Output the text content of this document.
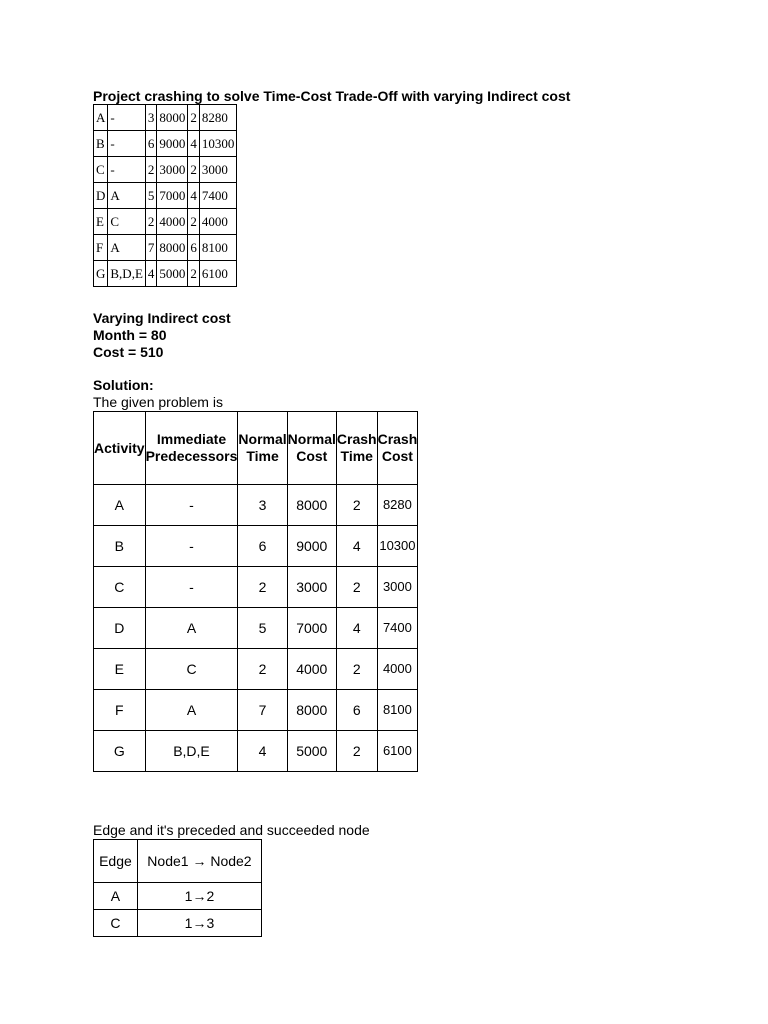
Project crashing to solve Time-Cost Trade-Off with varying Indirect cost
A	-	3	8000	2	8280
B	-	6	9000	4	10300
C	-	2	3000	2	3000
D	A	5	7000	4	7400
E	C	2	4000	2	4000
F	A	7	8000	6	8100
G	B,D,E	4	5000	2	6100
Varying Indirect cost
Month = 80
Cost = 510
Solution:
The given problem is
Activity	Immediate Predecessors	Normal Time	Normal Cost	Crash Time	Crash Cost
A	-	3	8000	2	8280
B	-	6	9000	4	10300
C	-	2	3000	2	3000
D	A	5	7000	4	7400
E	C	2	4000	2	4000
F	A	7	8000	6	8100
G	B,D,E	4	5000	2	6100
Edge and it's preceded and succeeded node
Edge	Node1 → Node2
A	1→2
C	1→3
